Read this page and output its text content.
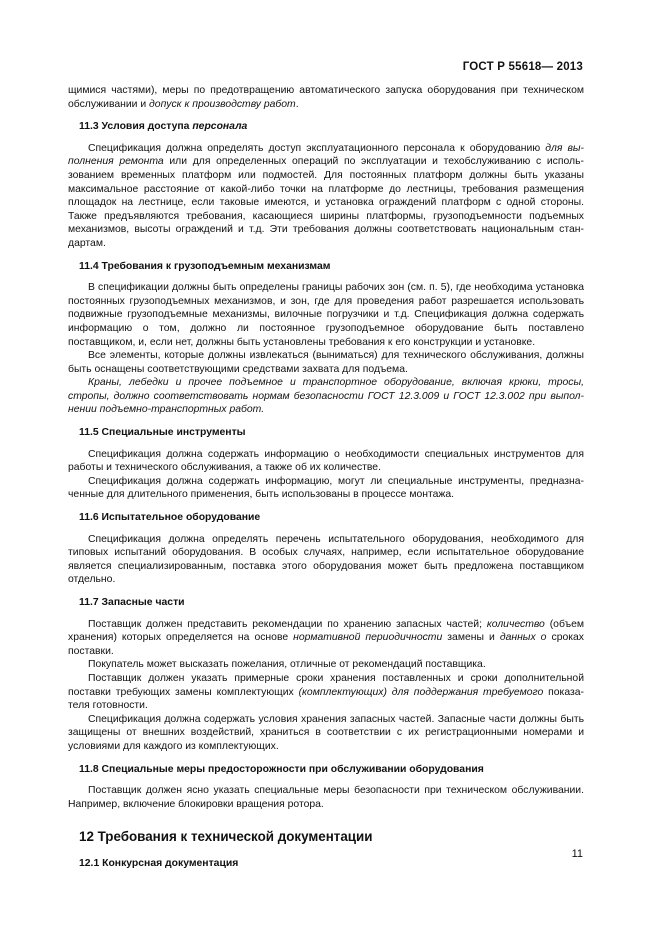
ГОСТ Р 55618— 2013

щимися частями), меры по предотвращению автоматического запуска оборудования при техническом обслуживании и допуск к производству работ.

11.3 Условия доступа персонала

Спецификация должна определять доступ эксплуатационного персонала к оборудованию для выполнения ремонта или для определенных операций по эксплуатации и техобслуживанию с использованием временных платформ или подмостей. Для постоянных платформ должны быть указаны максимальное расстояние от какой-либо точки на платформе до лестницы, требования размещения площадок на лестнице, если таковые имеются, и установка ограждений платформ с одной стороны. Также предъявляются требования, касающиеся ширины платформы, грузоподъемности подъемных механизмов, высоты ограждений и т.д. Эти требования должны соответствовать национальным стандартам.

11.4 Требования к грузоподъемным механизмам

В спецификации должны быть определены границы рабочих зон (см. п. 5), где необходима установка постоянных грузоподъемных механизмов, и зон, где для проведения работ разрешается использовать подвижные грузоподъемные механизмы, вилочные погрузчики и т.д. Спецификация должна содержать информацию о том, должно ли постоянное грузоподъемное оборудование быть поставлено поставщиком, и, если нет, должны быть установлены требования к его конструкции и установке.

Все элементы, которые должны извлекаться (выниматься) для технического обслуживания, должны быть оснащены соответствующими средствами захвата для подъема.

Краны, лебедки и прочее подъемное и транспортное оборудование, включая крюки, тросы, стропы, должно соответствовать нормам безопасности ГОСТ 12.3.009 и ГОСТ 12.3.002 при выполнении подъемно-транспортных работ.

11.5 Специальные инструменты

Спецификация должна содержать информацию о необходимости специальных инструментов для работы и технического обслуживания, а также об их количестве.

Спецификация должна содержать информацию, могут ли специальные инструменты, предназначенные для длительного применения, быть использованы в процессе монтажа.

11.6 Испытательное оборудование

Спецификация должна определять перечень испытательного оборудования, необходимого для типовых испытаний оборудования. В особых случаях, например, если испытательное оборудование является специализированным, поставка этого оборудования может быть предложена поставщиком отдельно.

11.7 Запасные части

Поставщик должен представить рекомендации по хранению запасных частей; количество (объем хранения) которых определяется на основе нормативной периодичности замены и данных о сроках поставки.

Покупатель может высказать пожелания, отличные от рекомендаций поставщика.

Поставщик должен указать примерные сроки хранения поставленных и сроки дополнительной поставки требующих замены комплектующих (комплектующих) для поддержания требуемого показателя готовности.

Спецификация должна содержать условия хранения запасных частей. Запасные части должны быть защищены от внешних воздействий, храниться в соответствии с их регистрационными номерами и условиями для каждого из комплектующих.

11.8 Специальные меры предосторожности при обслуживании оборудования

Поставщик должен ясно указать специальные меры безопасности при техническом обслуживании. Например, включение блокировки вращения ротора.

12 Требования к технической документации
12.1 Конкурсная документация
11
